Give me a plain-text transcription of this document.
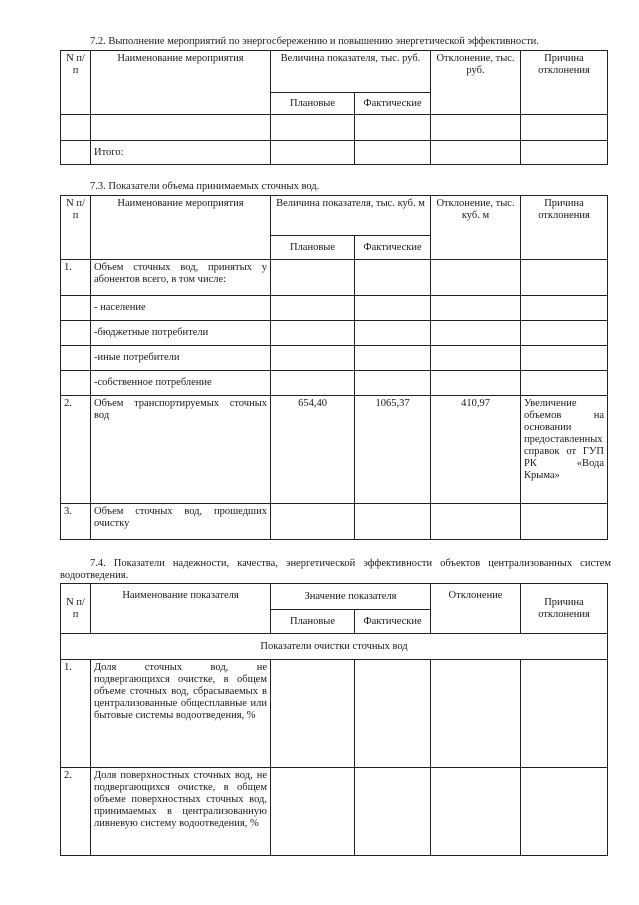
7.2. Выполнение мероприятий по энергосбережению и повышению энергетической эффективности.
N п/п	Наименование мероприятия	Величина показателя, тыс. руб.		Отклонение, тыс. руб.	Причина отклонения
		Плановые	Фактические		

	Итого:				
7.3. Показатели объема принимаемых сточных вод.
N п/п	Наименование мероприятия	Величина показателя, тыс. куб. м		Отклонение, тыс. куб. м	Причина отклонения
		Плановые	Фактические		
1.	Объем сточных вод, принятых у абонентов всего, в том числе:				
	- население				
	-бюджетные потребители				
	-иные потребители				
	-собственное потребление				
2.	Объем транспортируемых сточных вод	654,40	1065,37	410,97	Увеличение объемов на основании предоставленных справок от ГУП РК «Вода Крыма»
3.	Объем сточных вод, прошедших очистку				
7.4. Показатели надежности, качества, энергетической эффективности объектов централизованных систем водоотведения.
N п/п	Наименование показателя	Значение показателя		Отклонение	Причина отклонения
		Плановые	Фактические		
Показатели очистки сточных вод					
1.	Доля сточных вод, не подвергающихся очистке, в общем объеме сточных вод, сбрасываемых в централизованные общесплавные или бытовые системы водоотведения, %				
2.	Доля поверхностных сточных вод, не подвергающихся очистке, в общем объеме поверхностных сточных вод, принимаемых в централизованную ливневую систему водоотведения, %				
